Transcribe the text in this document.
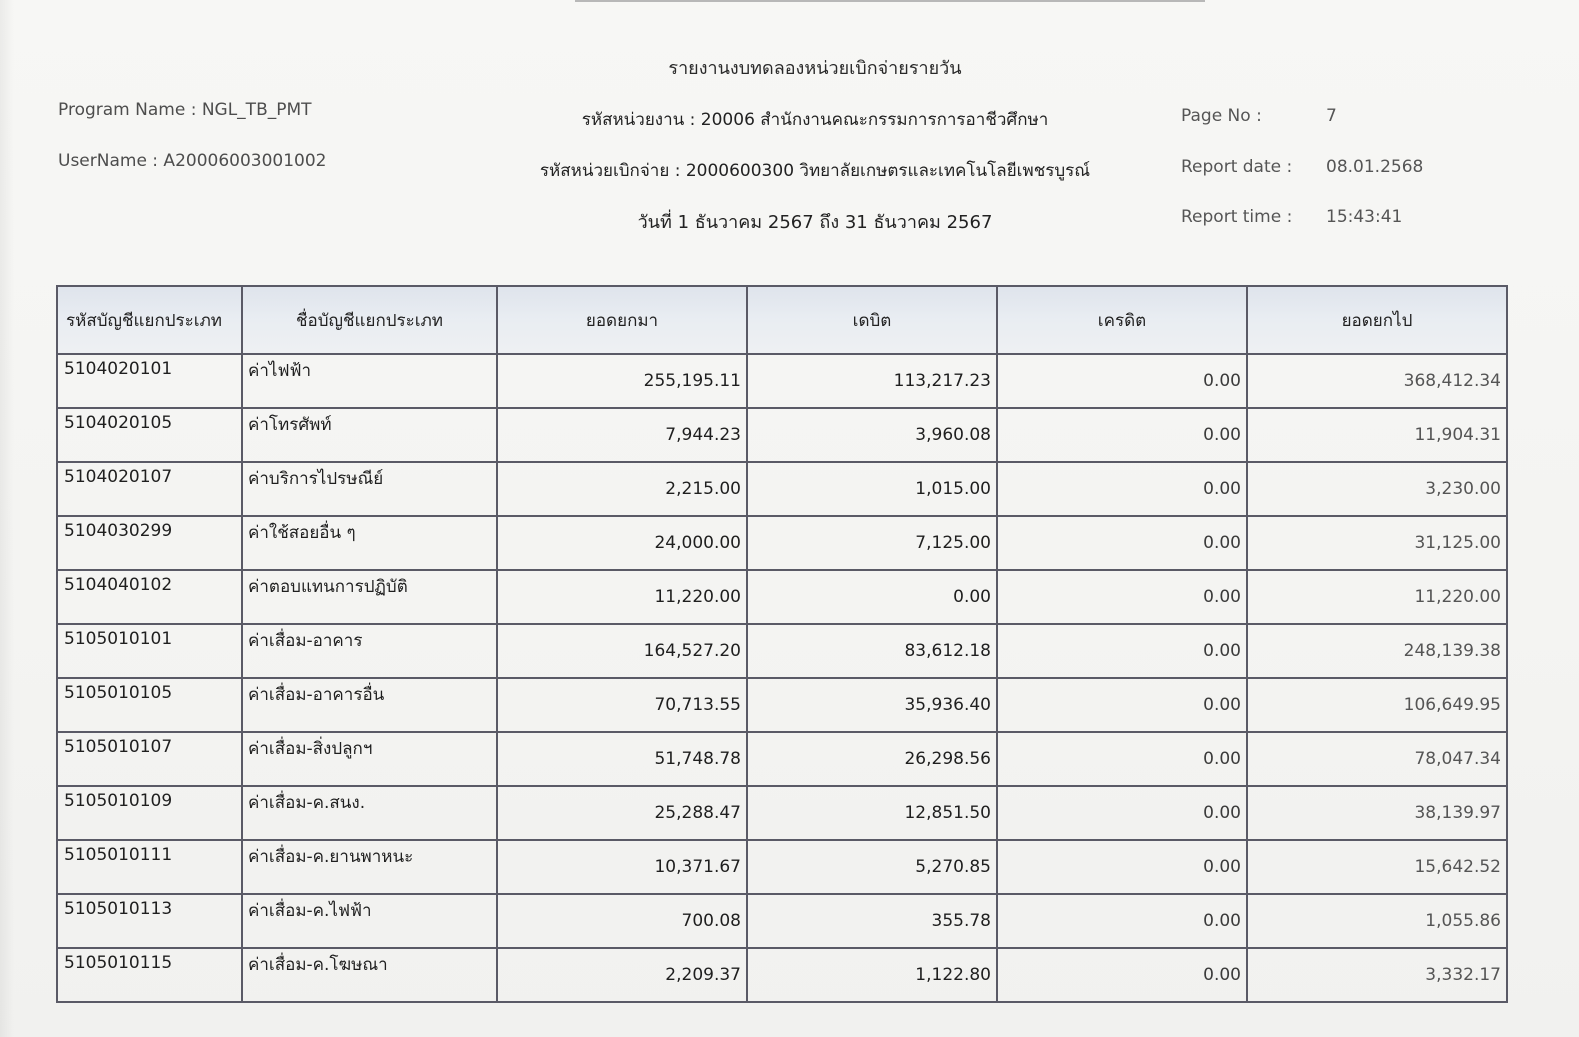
รายงานงบทดลองหน่วยเบิกจ่ายรายวัน
Program Name : NGL_TB_PMT
UserName : A20006003001002
รหัสหน่วยงาน : 20006 สำนักงานคณะกรรมการการอาชีวศึกษา
รหัสหน่วยเบิกจ่าย : 2000600300 วิทยาลัยเกษตรและเทคโนโลยีเพชรบูรณ์
วันที่ 1 ธันวาคม 2567 ถึง 31 ธันวาคม 2567
Page No :	7
Report date : 08.01.2568
Report time : 15:43:41
รหัสบัญชีแยกประเภท	ชื่อบัญชีแยกประเภท	ยอดยกมา	เดบิต	เครดิต	ยอดยกไป
5104020101	ค่าไฟฟ้า	255,195.11	113,217.23	0.00	368,412.34
5104020105	ค่าโทรศัพท์	7,944.23	3,960.08	0.00	11,904.31
5104020107	ค่าบริการไปรษณีย์	2,215.00	1,015.00	0.00	3,230.00
5104030299	ค่าใช้สอยอื่น ๆ	24,000.00	7,125.00	0.00	31,125.00
5104040102	ค่าตอบแทนการปฏิบัติ	11,220.00	0.00	0.00	11,220.00
5105010101	ค่าเสื่อม-อาคาร	164,527.20	83,612.18	0.00	248,139.38
5105010105	ค่าเสื่อม-อาคารอื่น	70,713.55	35,936.40	0.00	106,649.95
5105010107	ค่าเสื่อม-สิ่งปลูกฯ	51,748.78	26,298.56	0.00	78,047.34
5105010109	ค่าเสื่อม-ค.สนง.	25,288.47	12,851.50	0.00	38,139.97
5105010111	ค่าเสื่อม-ค.ยานพาหนะ	10,371.67	5,270.85	0.00	15,642.52
5105010113	ค่าเสื่อม-ค.ไฟฟ้า	700.08	355.78	0.00	1,055.86
5105010115	ค่าเสื่อม-ค.โฆษณา	2,209.37	1,122.80	0.00	3,332.17
